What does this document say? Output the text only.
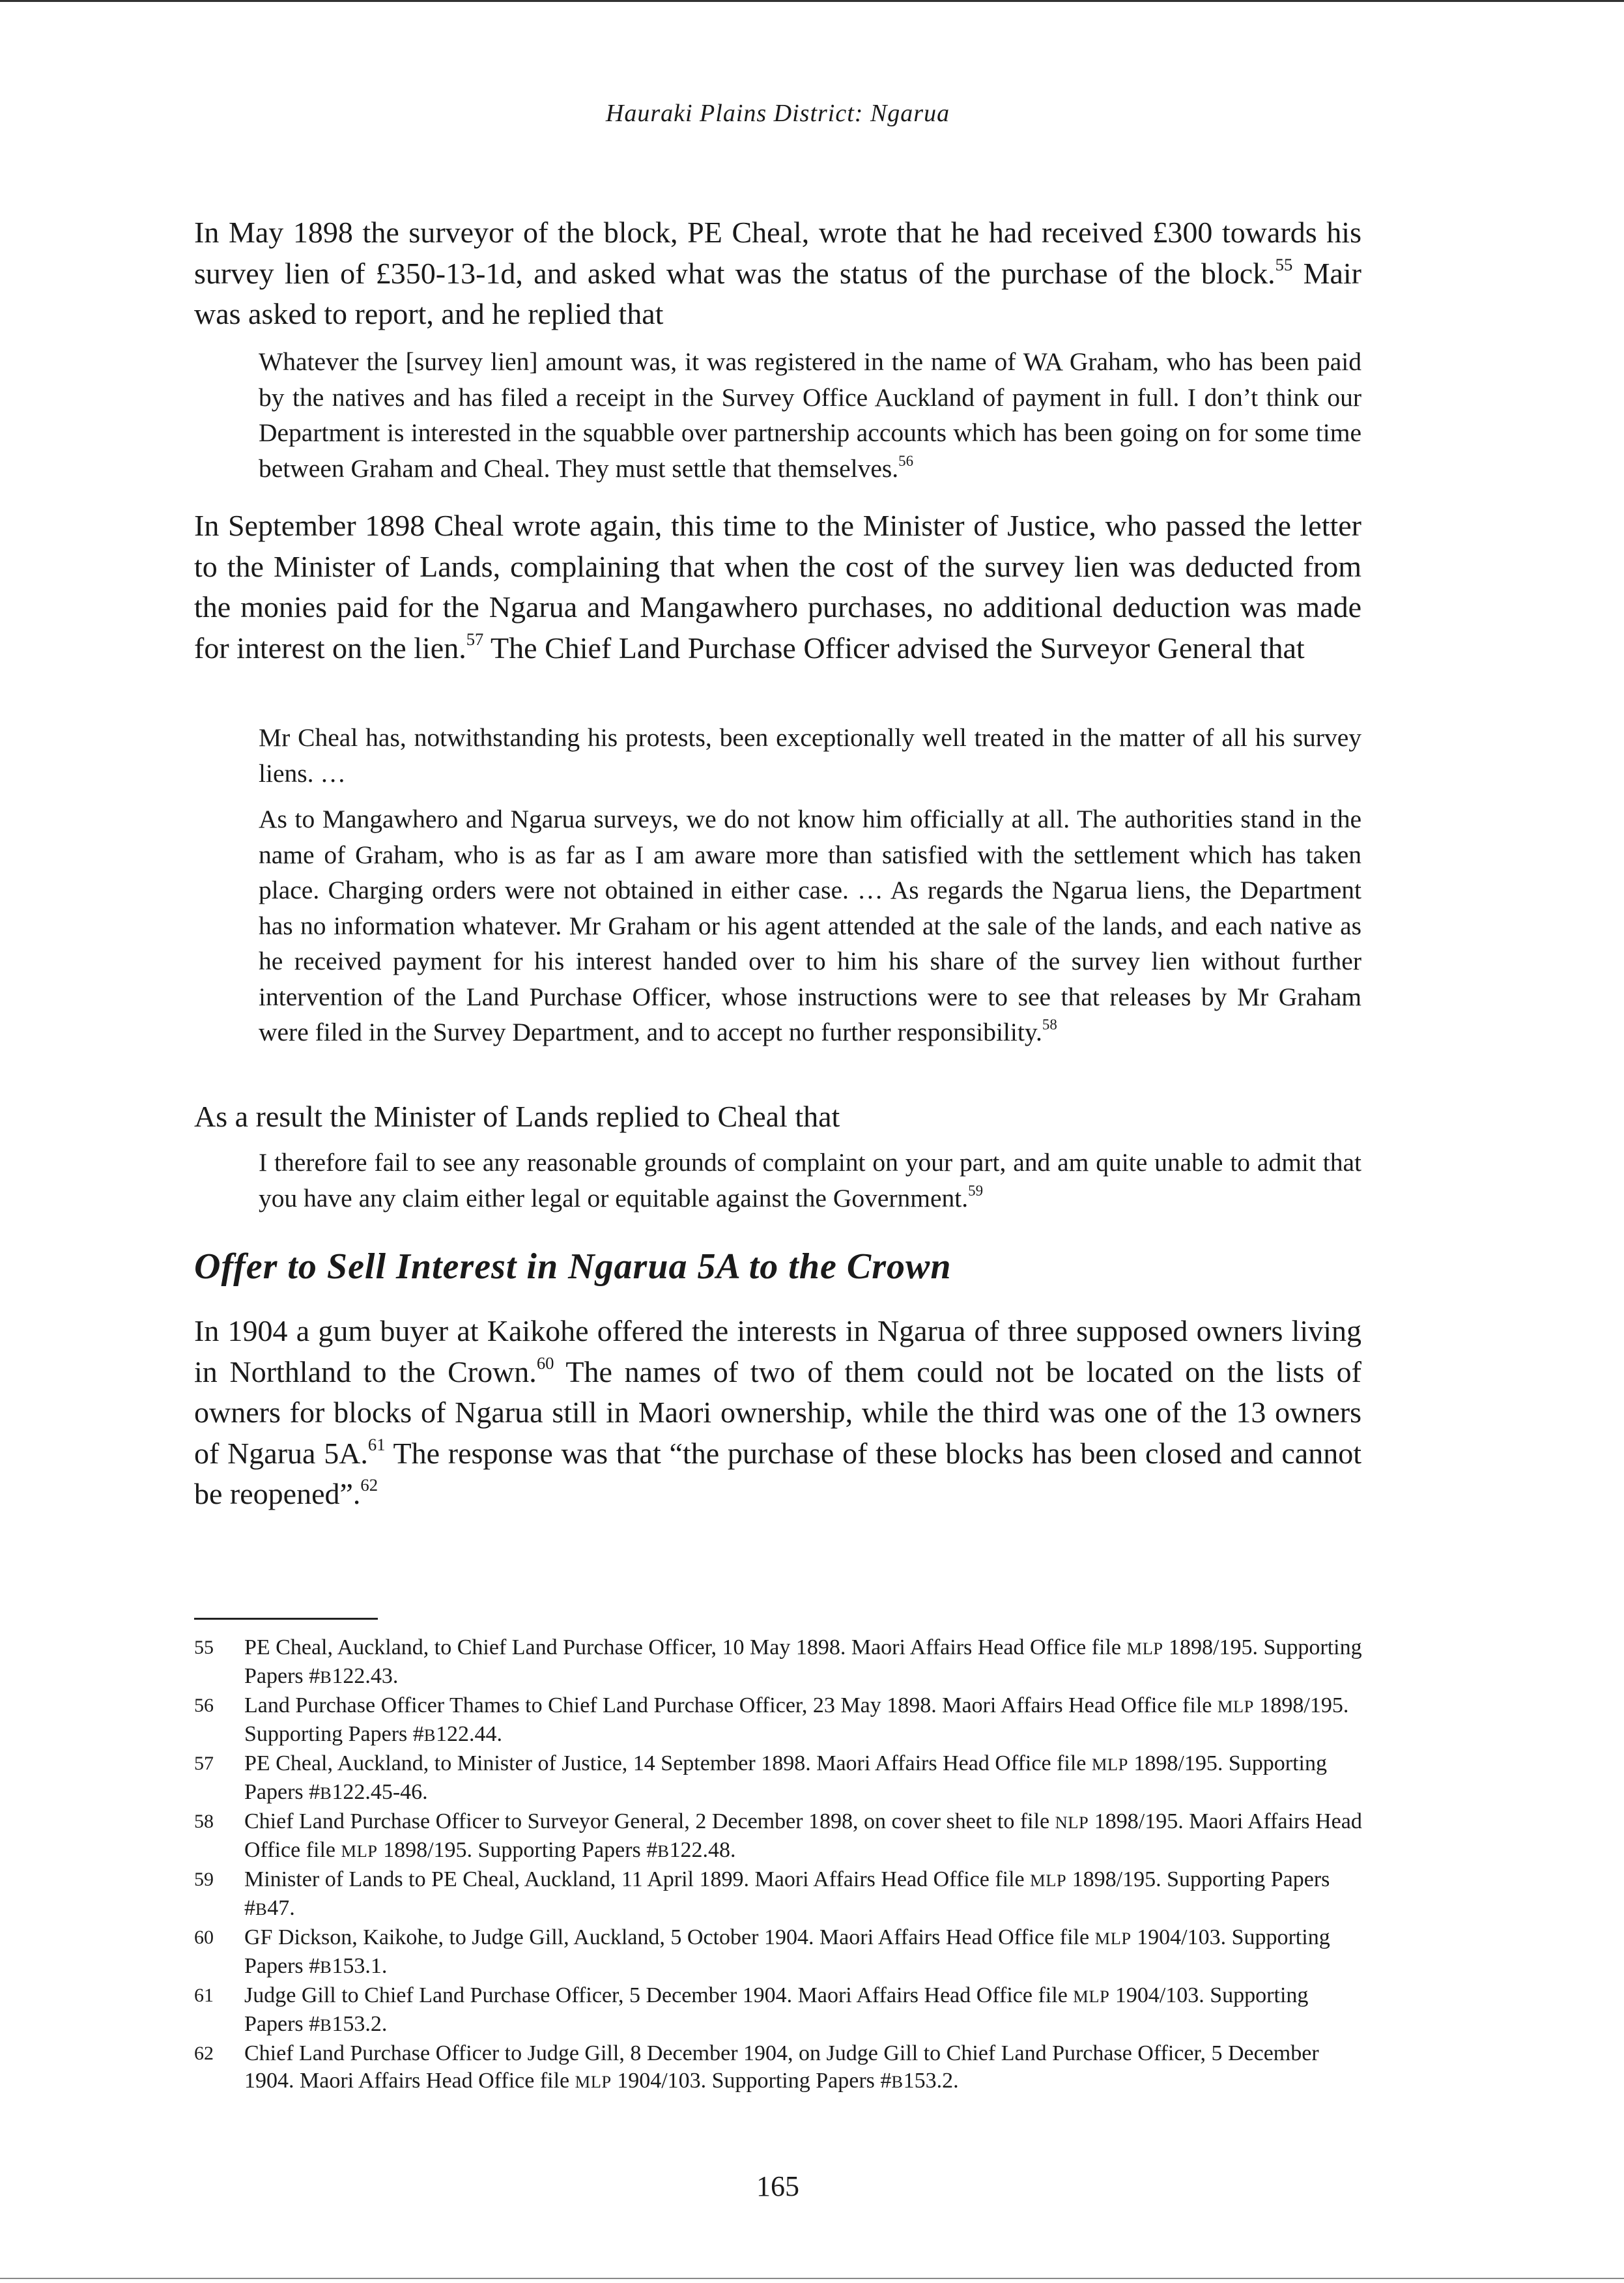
Hauraki Plains District: Ngarua

In May 1898 the surveyor of the block, PE Cheal, wrote that he had received £300 towards his survey lien of £350-13-1d, and asked what was the status of the purchase of the block.$^{55}$ Mair was asked to report, and he replied that

Whatever the [survey lien] amount was, it was registered in the name of WA Graham, who has been paid by the natives and has filed a receipt in the Survey Office Auckland of payment in full. I don’t think our Department is interested in the squabble over partnership accounts which has been going on for some time between Graham and Cheal. They must settle that themselves.$^{56}$

In September 1898 Cheal wrote again, this time to the Minister of Justice, who passed the letter to the Minister of Lands, complaining that when the cost of the survey lien was deducted from the monies paid for the Ngarua and Mangawhero purchases, no additional deduction was made for interest on the lien.$^{57}$ The Chief Land Purchase Officer advised the Surveyor General that

Mr Cheal has, notwithstanding his protests, been exceptionally well treated in the matter of all his survey liens. …

As to Mangawhero and Ngarua surveys, we do not know him officially at all. The authorities stand in the name of Graham, who is as far as I am aware more than satisfied with the settlement which has taken place. Charging orders were not obtained in either case. … As regards the Ngarua liens, the Department has no information whatever. Mr Graham or his agent attended at the sale of the lands, and each native as he received payment for his interest handed over to him his share of the survey lien without further intervention of the Land Purchase Officer, whose instructions were to see that releases by Mr Graham were filed in the Survey Department, and to accept no further responsibility.$^{58}$

As a result the Minister of Lands replied to Cheal that

I therefore fail to see any reasonable grounds of complaint on your part, and am quite unable to admit that you have any claim either legal or equitable against the Government.$^{59}$

Offer to Sell Interest in Ngarua 5A to the Crown

In 1904 a gum buyer at Kaikohe offered the interests in Ngarua of three supposed owners living in Northland to the Crown.$^{60}$ The names of two of them could not be located on the lists of owners for blocks of Ngarua still in Maori ownership, while the third was one of the 13 owners of Ngarua 5A.$^{61}$ The response was that “the purchase of these blocks has been closed and cannot be reopened”.$^{62}$

55	PE Cheal, Auckland, to Chief Land Purchase Officer, 10 May 1898. Maori Affairs Head Office file MLP 1898/195. Supporting Papers #B122.43.
56	Land Purchase Officer Thames to Chief Land Purchase Officer, 23 May 1898. Maori Affairs Head Office file MLP 1898/195. Supporting Papers #B122.44.
57	PE Cheal, Auckland, to Minister of Justice, 14 September 1898. Maori Affairs Head Office file MLP 1898/195. Supporting Papers #B122.45-46.
58	Chief Land Purchase Officer to Surveyor General, 2 December 1898, on cover sheet to file NLP 1898/195. Maori Affairs Head Office file MLP 1898/195. Supporting Papers #B122.48.
59	Minister of Lands to PE Cheal, Auckland, 11 April 1899. Maori Affairs Head Office file MLP 1898/195. Supporting Papers #B47.
60	GF Dickson, Kaikohe, to Judge Gill, Auckland, 5 October 1904. Maori Affairs Head Office file MLP 1904/103. Supporting Papers #B153.1.
61	Judge Gill to Chief Land Purchase Officer, 5 December 1904. Maori Affairs Head Office file MLP 1904/103. Supporting Papers #B153.2.
62	Chief Land Purchase Officer to Judge Gill, 8 December 1904, on Judge Gill to Chief Land Purchase Officer, 5 December 1904. Maori Affairs Head Office file MLP 1904/103. Supporting Papers #B153.2.
165
